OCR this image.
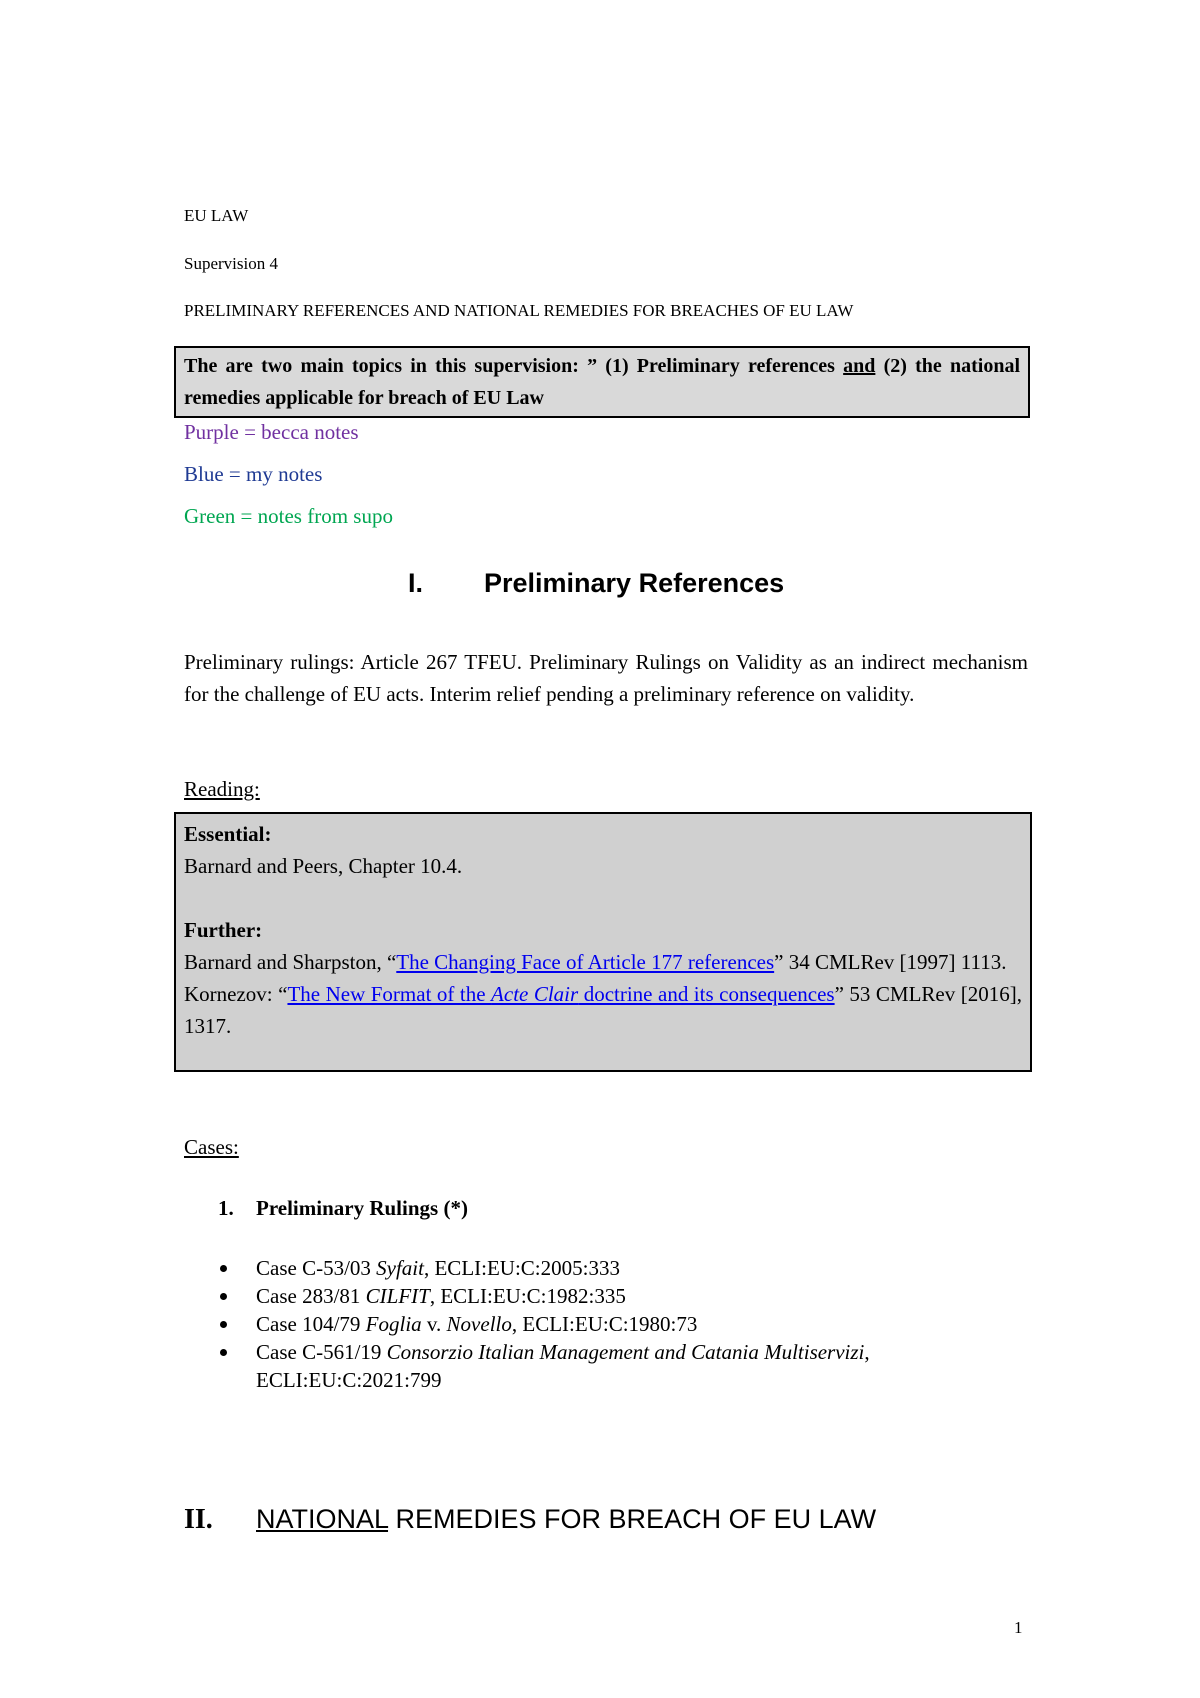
EU LAW
Supervision 4
PRELIMINARY REFERENCES AND NATIONAL REMEDIES FOR BREACHES OF EU LAW
The are two main topics in this supervision: ” (1) Preliminary references and (2) the national remedies applicable for breach of EU Law
Purple = becca notes
Blue = my notes
Green = notes from supo
I. Preliminary References
Preliminary rulings: Article 267 TFEU. Preliminary Rulings on Validity as an indirect mechanism for the challenge of EU acts. Interim relief pending a preliminary reference on validity.
Reading:
Essential:
Barnard and Peers, Chapter 10.4.
Further:
Barnard and Sharpston, “The Changing Face of Article 177 references” 34 CMLRev [1997] 1113.
Kornezov: “The New Format of the Acte Clair doctrine and its consequences” 53 CMLRev [2016], 1317.
Cases:
1. Preliminary Rulings (*)
Case C-53/03 Syfait, ECLI:EU:C:2005:333
Case 283/81 CILFIT, ECLI:EU:C:1982:335
Case 104/79 Foglia v. Novello, ECLI:EU:C:1980:73
Case C-561/19 Consorzio Italian Management and Catania Multiservizi,
ECLI:EU:C:2021:799
II. NATIONAL REMEDIES FOR BREACH OF EU LAW
1
